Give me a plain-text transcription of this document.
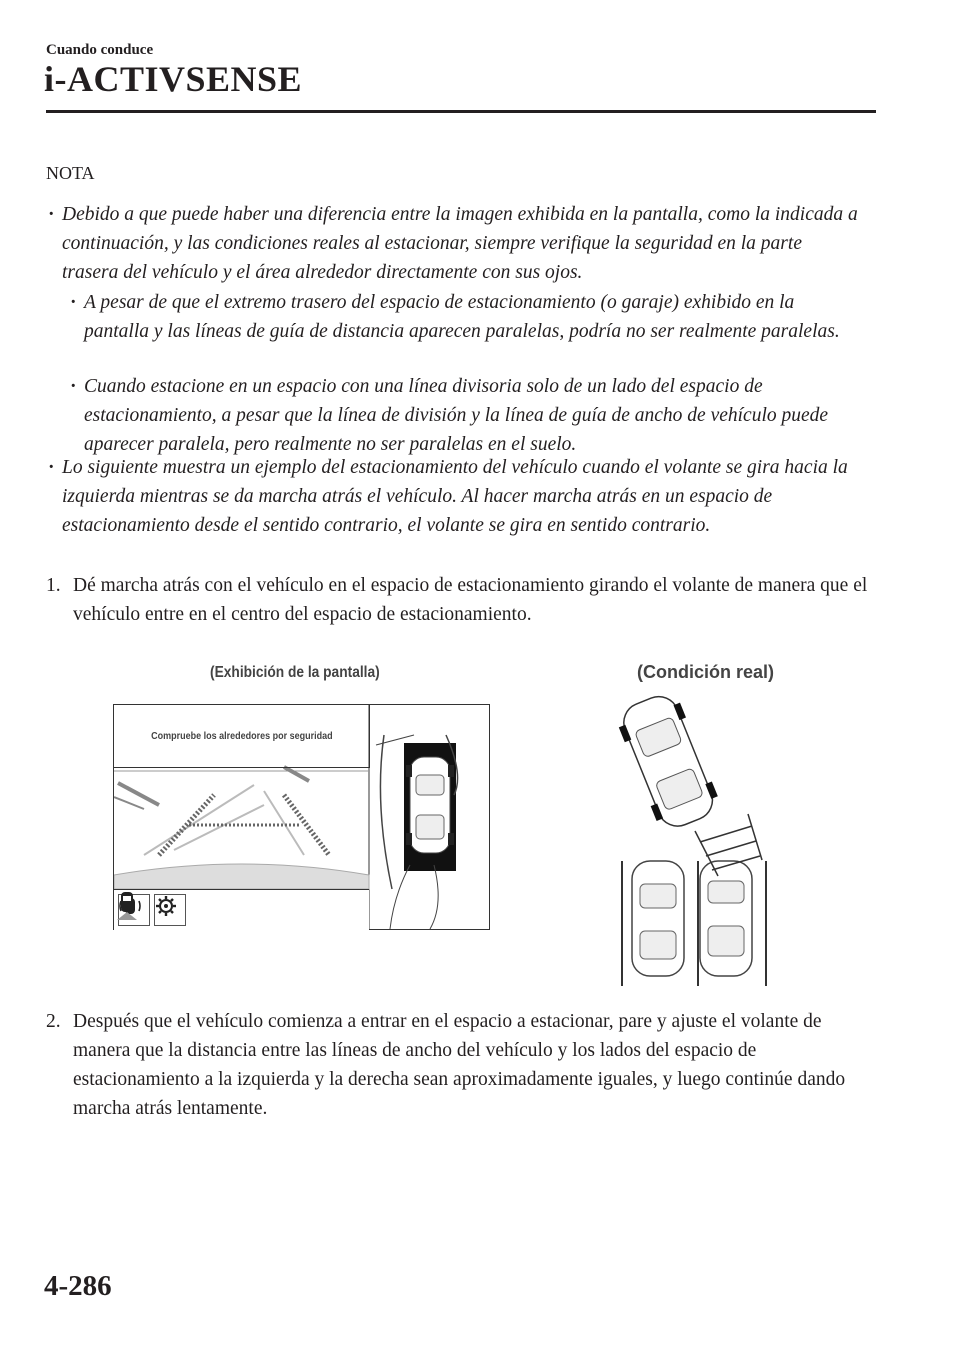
Cuando conduce
i-ACTIVSENSE
NOTA
· Debido a que puede haber una diferencia entre la imagen exhibida en la pantalla, como la indicada a continuación, y las condiciones reales al estacionar, siempre verifique la seguridad en la parte trasera del vehículo y el área alrededor directamente con sus ojos.
· A pesar de que el extremo trasero del espacio de estacionamiento (o garaje) exhibido en la pantalla y las líneas de guía de distancia aparecen paralelas, podría no ser realmente paralelas.
· Cuando estacione en un espacio con una línea divisoria solo de un lado del espacio de estacionamiento, a pesar que la línea de división y la línea de guía de ancho de vehículo puede aparecer paralela, pero realmente no ser paralelas en el suelo.
· Lo siguiente muestra un ejemplo del estacionamiento del vehículo cuando el volante se gira hacia la izquierda mientras se da marcha atrás el vehículo. Al hacer marcha atrás en un espacio de estacionamiento desde el sentido contrario, el volante se gira en sentido contrario.
1. Dé marcha atrás con el vehículo en el espacio de estacionamiento girando el volante de manera que el vehículo entre en el centro del espacio de estacionamiento.
(Exhibición de la pantalla)	(Condición real)
Compruebe los alrededores por seguridad
2. Después que el vehículo comienza a entrar en el espacio a estacionar, pare y ajuste el volante de manera que la distancia entre las líneas de ancho del vehículo y los lados del espacio de estacionamiento a la izquierda y la derecha sean aproximadamente iguales, y luego continúe dando marcha atrás lentamente.
4-286
